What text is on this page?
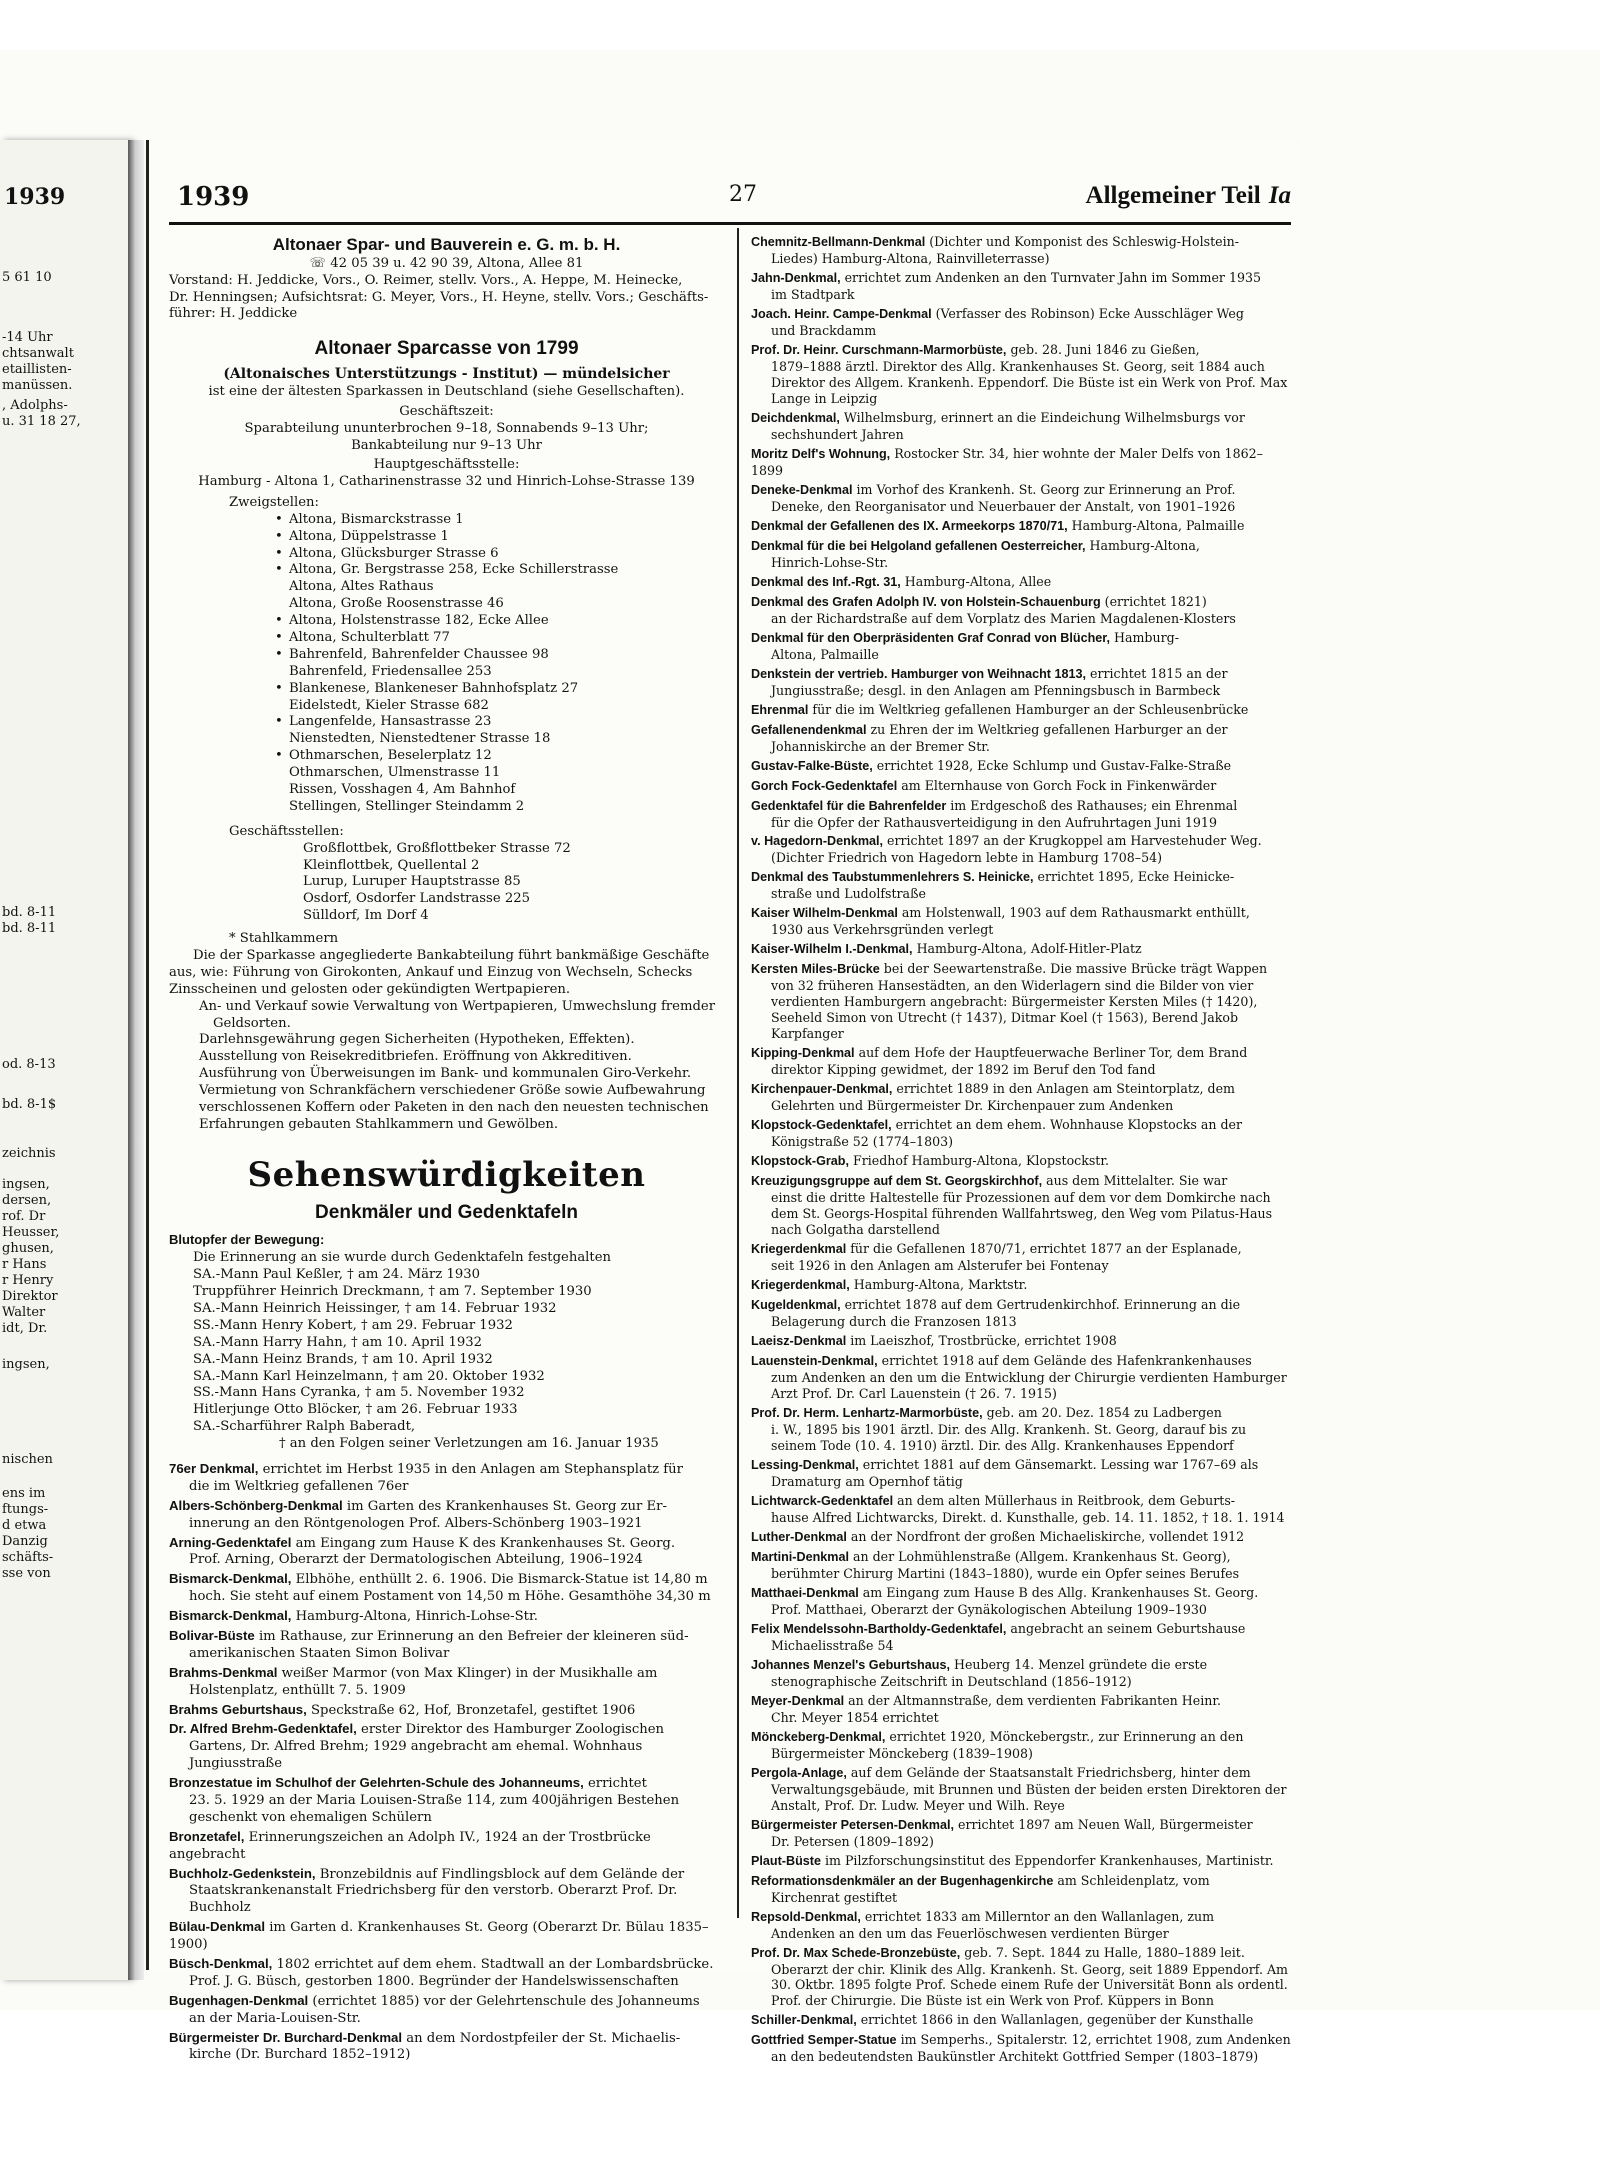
1939
5 61 10
-14 Uhr
chtsanwalt
etaillisten-
manüssen.
, Adolphs-
u. 31 18 27,
bd. 8-11
bd. 8-11
od. 8-13
bd. 8-1$
zeichnis
ingsen,
dersen,
rof. Dr
Heusser,
ghusen,
r Hans
r Henry
Direktor
Walter
idt, Dr.
ingsen,
nischen
ens im
ftungs-
d etwa
Danzig
schäfts-
sse von
1939	27	Allgemeiner Teil Ia

Altonaer Spar- und Bauverein e. G. m. b. H.

☏ 42 05 39 u. 42 90 39, Altona, Allee 81

Vorstand: H. Jeddicke, Vors., O. Reimer, stellv. Vors., A. Heppe, M. Heinecke,

Dr. Henningsen; Aufsichtsrat: G. Meyer, Vors., H. Heyne, stellv. Vors.; Geschäfts-

führer: H. Jeddicke

Altonaer Sparcasse von 1799

(Altonaisches Unterstützungs - Institut) — mündelsicher

ist eine der ältesten Sparkassen in Deutschland (siehe Gesellschaften).

Geschäftszeit:

Sparabteilung ununterbrochen 9–18, Sonnabends 9–13 Uhr;

Bankabteilung nur 9–13 Uhr

Hauptgeschäftsstelle:

Hamburg - Altona 1, Catharinenstrasse 32 und Hinrich-Lohse-Strasse 139

Zweigstellen:

• Altona, Bismarckstrasse 1

• Altona, Düppelstrasse 1

• Altona, Glücksburger Strasse 6

• Altona, Gr. Bergstrasse 258, Ecke Schillerstrasse

Altona, Altes Rathaus

Altona, Große Roosenstrasse 46

• Altona, Holstenstrasse 182, Ecke Allee

• Altona, Schulterblatt 77

• Bahrenfeld, Bahrenfelder Chaussee 98

Bahrenfeld, Friedensallee 253

• Blankenese, Blankeneser Bahnhofsplatz 27

Eidelstedt, Kieler Strasse 682

• Langenfelde, Hansastrasse 23

Nienstedten, Nienstedtener Strasse 18

• Othmarschen, Beselerplatz 12

Othmarschen, Ulmenstrasse 11

Rissen, Vosshagen 4, Am Bahnhof

Stellingen, Stellinger Steindamm 2

Geschäftsstellen:

Großflottbek, Großflottbeker Strasse 72

Kleinflottbek, Quellental 2

Lurup, Luruper Hauptstrasse 85

Osdorf, Osdorfer Landstrasse 225

Sülldorf, Im Dorf 4

* Stahlkammern

Die der Sparkasse angegliederte Bankabteilung führt bankmäßige Geschäfte

aus, wie: Führung von Girokonten, Ankauf und Einzug von Wechseln, Schecks

Zinsscheinen und gelosten oder gekündigten Wertpapieren.

An- und Verkauf sowie Verwaltung von Wertpapieren, Umwechslung fremder

Geldsorten.

Darlehnsgewährung gegen Sicherheiten (Hypotheken, Effekten).

Ausstellung von Reisekreditbriefen. Eröffnung von Akkreditiven.

Ausführung von Überweisungen im Bank- und kommunalen Giro-Verkehr.

Vermietung von Schrankfächern verschiedener Größe sowie Aufbewahrung

verschlossenen Koffern oder Paketen in den nach den neuesten technischen

Erfahrungen gebauten Stahlkammern und Gewölben.

Sehenswürdigkeiten

Denkmäler und Gedenktafeln

Blutopfer der Bewegung:

Die Erinnerung an sie wurde durch Gedenktafeln festgehalten

SA.-Mann Paul Keßler, † am 24. März 1930

Truppführer Heinrich Dreckmann, † am 7. September 1930

SA.-Mann Heinrich Heissinger, † am 14. Februar 1932

SS.-Mann Henry Kobert, † am 29. Februar 1932

SA.-Mann Harry Hahn, † am 10. April 1932

SA.-Mann Heinz Brands, † am 10. April 1932

SA.-Mann Karl Heinzelmann, † am 20. Oktober 1932

SS.-Mann Hans Cyranka, † am 5. November 1932

Hitlerjunge Otto Blöcker, † am 26. Februar 1933

SA.-Scharführer Ralph Baberadt,

† an den Folgen seiner Verletzungen am 16. Januar 1935

76er Denkmal, errichtet im Herbst 1935 in den Anlagen am Stephansplatz für
die im Weltkrieg gefallenen 76er

Albers-Schönberg-Denkmal im Garten des Krankenhauses St. Georg zur Er-
innerung an den Röntgenologen Prof. Albers-Schönberg 1903–1921

Arning-Gedenktafel am Eingang zum Hause K des Krankenhauses St. Georg.
Prof. Arning, Oberarzt der Dermatologischen Abteilung, 1906–1924

Bismarck-Denkmal, Elbhöhe, enthüllt 2. 6. 1906. Die Bismarck-Statue ist 14,80 m
hoch. Sie steht auf einem Postament von 14,50 m Höhe. Gesamthöhe 34,30 m

Bismarck-Denkmal, Hamburg-Altona, Hinrich-Lohse-Str.

Bolivar-Büste im Rathause, zur Erinnerung an den Befreier der kleineren süd-
amerikanischen Staaten Simon Bolivar

Brahms-Denkmal weißer Marmor (von Max Klinger) in der Musikhalle am
Holstenplatz, enthüllt 7. 5. 1909

Brahms Geburtshaus, Speckstraße 62, Hof, Bronzetafel, gestiftet 1906

Dr. Alfred Brehm-Gedenktafel, erster Direktor des Hamburger Zoologischen
Gartens, Dr. Alfred Brehm; 1929 angebracht am ehemal. Wohnhaus Jungiusstraße

Bronzestatue im Schulhof der Gelehrten-Schule des Johanneums, errichtet
23. 5. 1929 an der Maria Louisen-Straße 114, zum 400jährigen Bestehen geschenkt von ehemaligen Schülern

Bronzetafel, Erinnerungszeichen an Adolph IV., 1924 an der Trostbrücke angebracht

Buchholz-Gedenkstein, Bronzebildnis auf Findlingsblock auf dem Gelände der
Staatskrankenanstalt Friedrichsberg für den verstorb. Oberarzt Prof. Dr. Buchholz

Bülau-Denkmal im Garten d. Krankenhauses St. Georg (Oberarzt Dr. Bülau 1835–1900)

Büsch-Denkmal, 1802 errichtet auf dem ehem. Stadtwall an der Lombardsbrücke.
Prof. J. G. Büsch, gestorben 1800. Begründer der Handelswissenschaften

Bugenhagen-Denkmal (errichtet 1885) vor der Gelehrtenschule des Johanneums
an der Maria-Louisen-Str.

Bürgermeister Dr. Burchard-Denkmal an dem Nordostpfeiler der St. Michaelis-
kirche (Dr. Burchard 1852–1912)

Chemnitz-Bellmann-Denkmal (Dichter und Komponist des Schleswig-Holstein-
Liedes) Hamburg-Altona, Rainvilleterrasse)

Jahn-Denkmal, errichtet zum Andenken an den Turnvater Jahn im Sommer 1935
im Stadtpark

Joach. Heinr. Campe-Denkmal (Verfasser des Robinson) Ecke Ausschläger Weg
und Brackdamm

Prof. Dr. Heinr. Curschmann-Marmorbüste, geb. 28. Juni 1846 zu Gießen,
1879–1888 ärztl. Direktor des Allg. Krankenhauses St. Georg, seit 1884 auch Direktor des Allgem. Krankenh. Eppendorf. Die Büste ist ein Werk von Prof. Max Lange in Leipzig

Deichdenkmal, Wilhelmsburg, erinnert an die Eindeichung Wilhelmsburgs vor
sechshundert Jahren

Moritz Delf's Wohnung, Rostocker Str. 34, hier wohnte der Maler Delfs von 1862–1899

Deneke-Denkmal im Vorhof des Krankenh. St. Georg zur Erinnerung an Prof.
Deneke, den Reorganisator und Neuerbauer der Anstalt, von 1901–1926

Denkmal der Gefallenen des IX. Armeekorps 1870/71, Hamburg-Altona, Palmaille

Denkmal für die bei Helgoland gefallenen Oesterreicher, Hamburg-Altona,
Hinrich-Lohse-Str.

Denkmal des Inf.-Rgt. 31, Hamburg-Altona, Allee

Denkmal des Grafen Adolph IV. von Holstein-Schauenburg (errichtet 1821)
an der Richardstraße auf dem Vorplatz des Marien Magdalenen-Klosters

Denkmal für den Oberpräsidenten Graf Conrad von Blücher, Hamburg-
Altona, Palmaille

Denkstein der vertrieb. Hamburger von Weihnacht 1813, errichtet 1815 an der
Jungiusstraße; desgl. in den Anlagen am Pfenningsbusch in Barmbeck

Ehrenmal für die im Weltkrieg gefallenen Hamburger an der Schleusenbrücke

Gefallenendenkmal zu Ehren der im Weltkrieg gefallenen Harburger an der
Johanniskirche an der Bremer Str.

Gustav-Falke-Büste, errichtet 1928, Ecke Schlump und Gustav-Falke-Straße

Gorch Fock-Gedenktafel am Elternhause von Gorch Fock in Finkenwärder

Gedenktafel für die Bahrenfelder im Erdgeschoß des Rathauses; ein Ehrenmal
für die Opfer der Rathausverteidigung in den Aufruhrtagen Juni 1919

v. Hagedorn-Denkmal, errichtet 1897 an der Krugkoppel am Harvestehuder Weg.
(Dichter Friedrich von Hagedorn lebte in Hamburg 1708–54)

Denkmal des Taubstummenlehrers S. Heinicke, errichtet 1895, Ecke Heinicke-
straße und Ludolfstraße

Kaiser Wilhelm-Denkmal am Holstenwall, 1903 auf dem Rathausmarkt enthüllt,
1930 aus Verkehrsgründen verlegt

Kaiser-Wilhelm I.-Denkmal, Hamburg-Altona, Adolf-Hitler-Platz

Kersten Miles-Brücke bei der Seewartenstraße. Die massive Brücke trägt Wappen
von 32 früheren Hansestädten, an den Widerlagern sind die Bilder von vier verdienten Hamburgern angebracht: Bürgermeister Kersten Miles († 1420), Seeheld Simon von Utrecht († 1437), Ditmar Koel († 1563), Berend Jakob Karpfanger

Kipping-Denkmal auf dem Hofe der Hauptfeuerwache Berliner Tor, dem Brand
direktor Kipping gewidmet, der 1892 im Beruf den Tod fand

Kirchenpauer-Denkmal, errichtet 1889 in den Anlagen am Steintorplatz, dem
Gelehrten und Bürgermeister Dr. Kirchenpauer zum Andenken

Klopstock-Gedenktafel, errichtet an dem ehem. Wohnhause Klopstocks an der
Königstraße 52 (1774–1803)

Klopstock-Grab, Friedhof Hamburg-Altona, Klopstockstr.

Kreuzigungsgruppe auf dem St. Georgskirchhof, aus dem Mittelalter. Sie war
einst die dritte Haltestelle für Prozessionen auf dem vor dem Domkirche nach dem St. Georgs-Hospital führenden Wallfahrtsweg, den Weg vom Pilatus-Haus nach Golgatha darstellend

Kriegerdenkmal für die Gefallenen 1870/71, errichtet 1877 an der Esplanade,
seit 1926 in den Anlagen am Alsterufer bei Fontenay

Kriegerdenkmal, Hamburg-Altona, Marktstr.

Kugeldenkmal, errichtet 1878 auf dem Gertrudenkirchhof. Erinnerung an die
Belagerung durch die Franzosen 1813

Laeisz-Denkmal im Laeiszhof, Trostbrücke, errichtet 1908

Lauenstein-Denkmal, errichtet 1918 auf dem Gelände des Hafenkrankenhauses
zum Andenken an den um die Entwicklung der Chirurgie verdienten Hamburger Arzt Prof. Dr. Carl Lauenstein († 26. 7. 1915)

Prof. Dr. Herm. Lenhartz-Marmorbüste, geb. am 20. Dez. 1854 zu Ladbergen
i. W., 1895 bis 1901 ärztl. Dir. des Allg. Krankenh. St. Georg, darauf bis zu seinem Tode (10. 4. 1910) ärztl. Dir. des Allg. Krankenhauses Eppendorf

Lessing-Denkmal, errichtet 1881 auf dem Gänsemarkt. Lessing war 1767–69 als
Dramaturg am Opernhof tätig

Lichtwarck-Gedenktafel an dem alten Müllerhaus in Reitbrook, dem Geburts-
hause Alfred Lichtwarcks, Direkt. d. Kunsthalle, geb. 14. 11. 1852, † 18. 1. 1914

Luther-Denkmal an der Nordfront der großen Michaeliskirche, vollendet 1912

Martini-Denkmal an der Lohmühlenstraße (Allgem. Krankenhaus St. Georg),
berühmter Chirurg Martini (1843–1880), wurde ein Opfer seines Berufes

Matthaei-Denkmal am Eingang zum Hause B des Allg. Krankenhauses St. Georg.
Prof. Matthaei, Oberarzt der Gynäkologischen Abteilung 1909–1930

Felix Mendelssohn-Bartholdy-Gedenktafel, angebracht an seinem Geburtshause
Michaelisstraße 54

Johannes Menzel's Geburtshaus, Heuberg 14. Menzel gründete die erste
stenographische Zeitschrift in Deutschland (1856–1912)

Meyer-Denkmal an der Altmannstraße, dem verdienten Fabrikanten Heinr.
Chr. Meyer 1854 errichtet

Mönckeberg-Denkmal, errichtet 1920, Mönckebergstr., zur Erinnerung an den
Bürgermeister Mönckeberg (1839–1908)

Pergola-Anlage, auf dem Gelände der Staatsanstalt Friedrichsberg, hinter dem
Verwaltungsgebäude, mit Brunnen und Büsten der beiden ersten Direktoren der Anstalt, Prof. Dr. Ludw. Meyer und Wilh. Reye

Bürgermeister Petersen-Denkmal, errichtet 1897 am Neuen Wall, Bürgermeister
Dr. Petersen (1809–1892)

Plaut-Büste im Pilzforschungsinstitut des Eppendorfer Krankenhauses, Martinistr.

Reformationsdenkmäler an der Bugenhagenkirche am Schleidenplatz, vom
Kirchenrat gestiftet

Repsold-Denkmal, errichtet 1833 am Millerntor an den Wallanlagen, zum
Andenken an den um das Feuerlöschwesen verdienten Bürger

Prof. Dr. Max Schede-Bronzebüste, geb. 7. Sept. 1844 zu Halle, 1880–1889 leit.
Oberarzt der chir. Klinik des Allg. Krankenh. St. Georg, seit 1889 Eppendorf. Am 30. Oktbr. 1895 folgte Prof. Schede einem Rufe der Universität Bonn als ordentl. Prof. der Chirurgie. Die Büste ist ein Werk von Prof. Küppers in Bonn

Schiller-Denkmal, errichtet 1866 in den Wallanlagen, gegenüber der Kunsthalle

Gottfried Semper-Statue im Semperhs., Spitalerstr. 12, errichtet 1908, zum Andenken
an den bedeutendsten Baukünstler Architekt Gottfried Semper (1803–1879)
